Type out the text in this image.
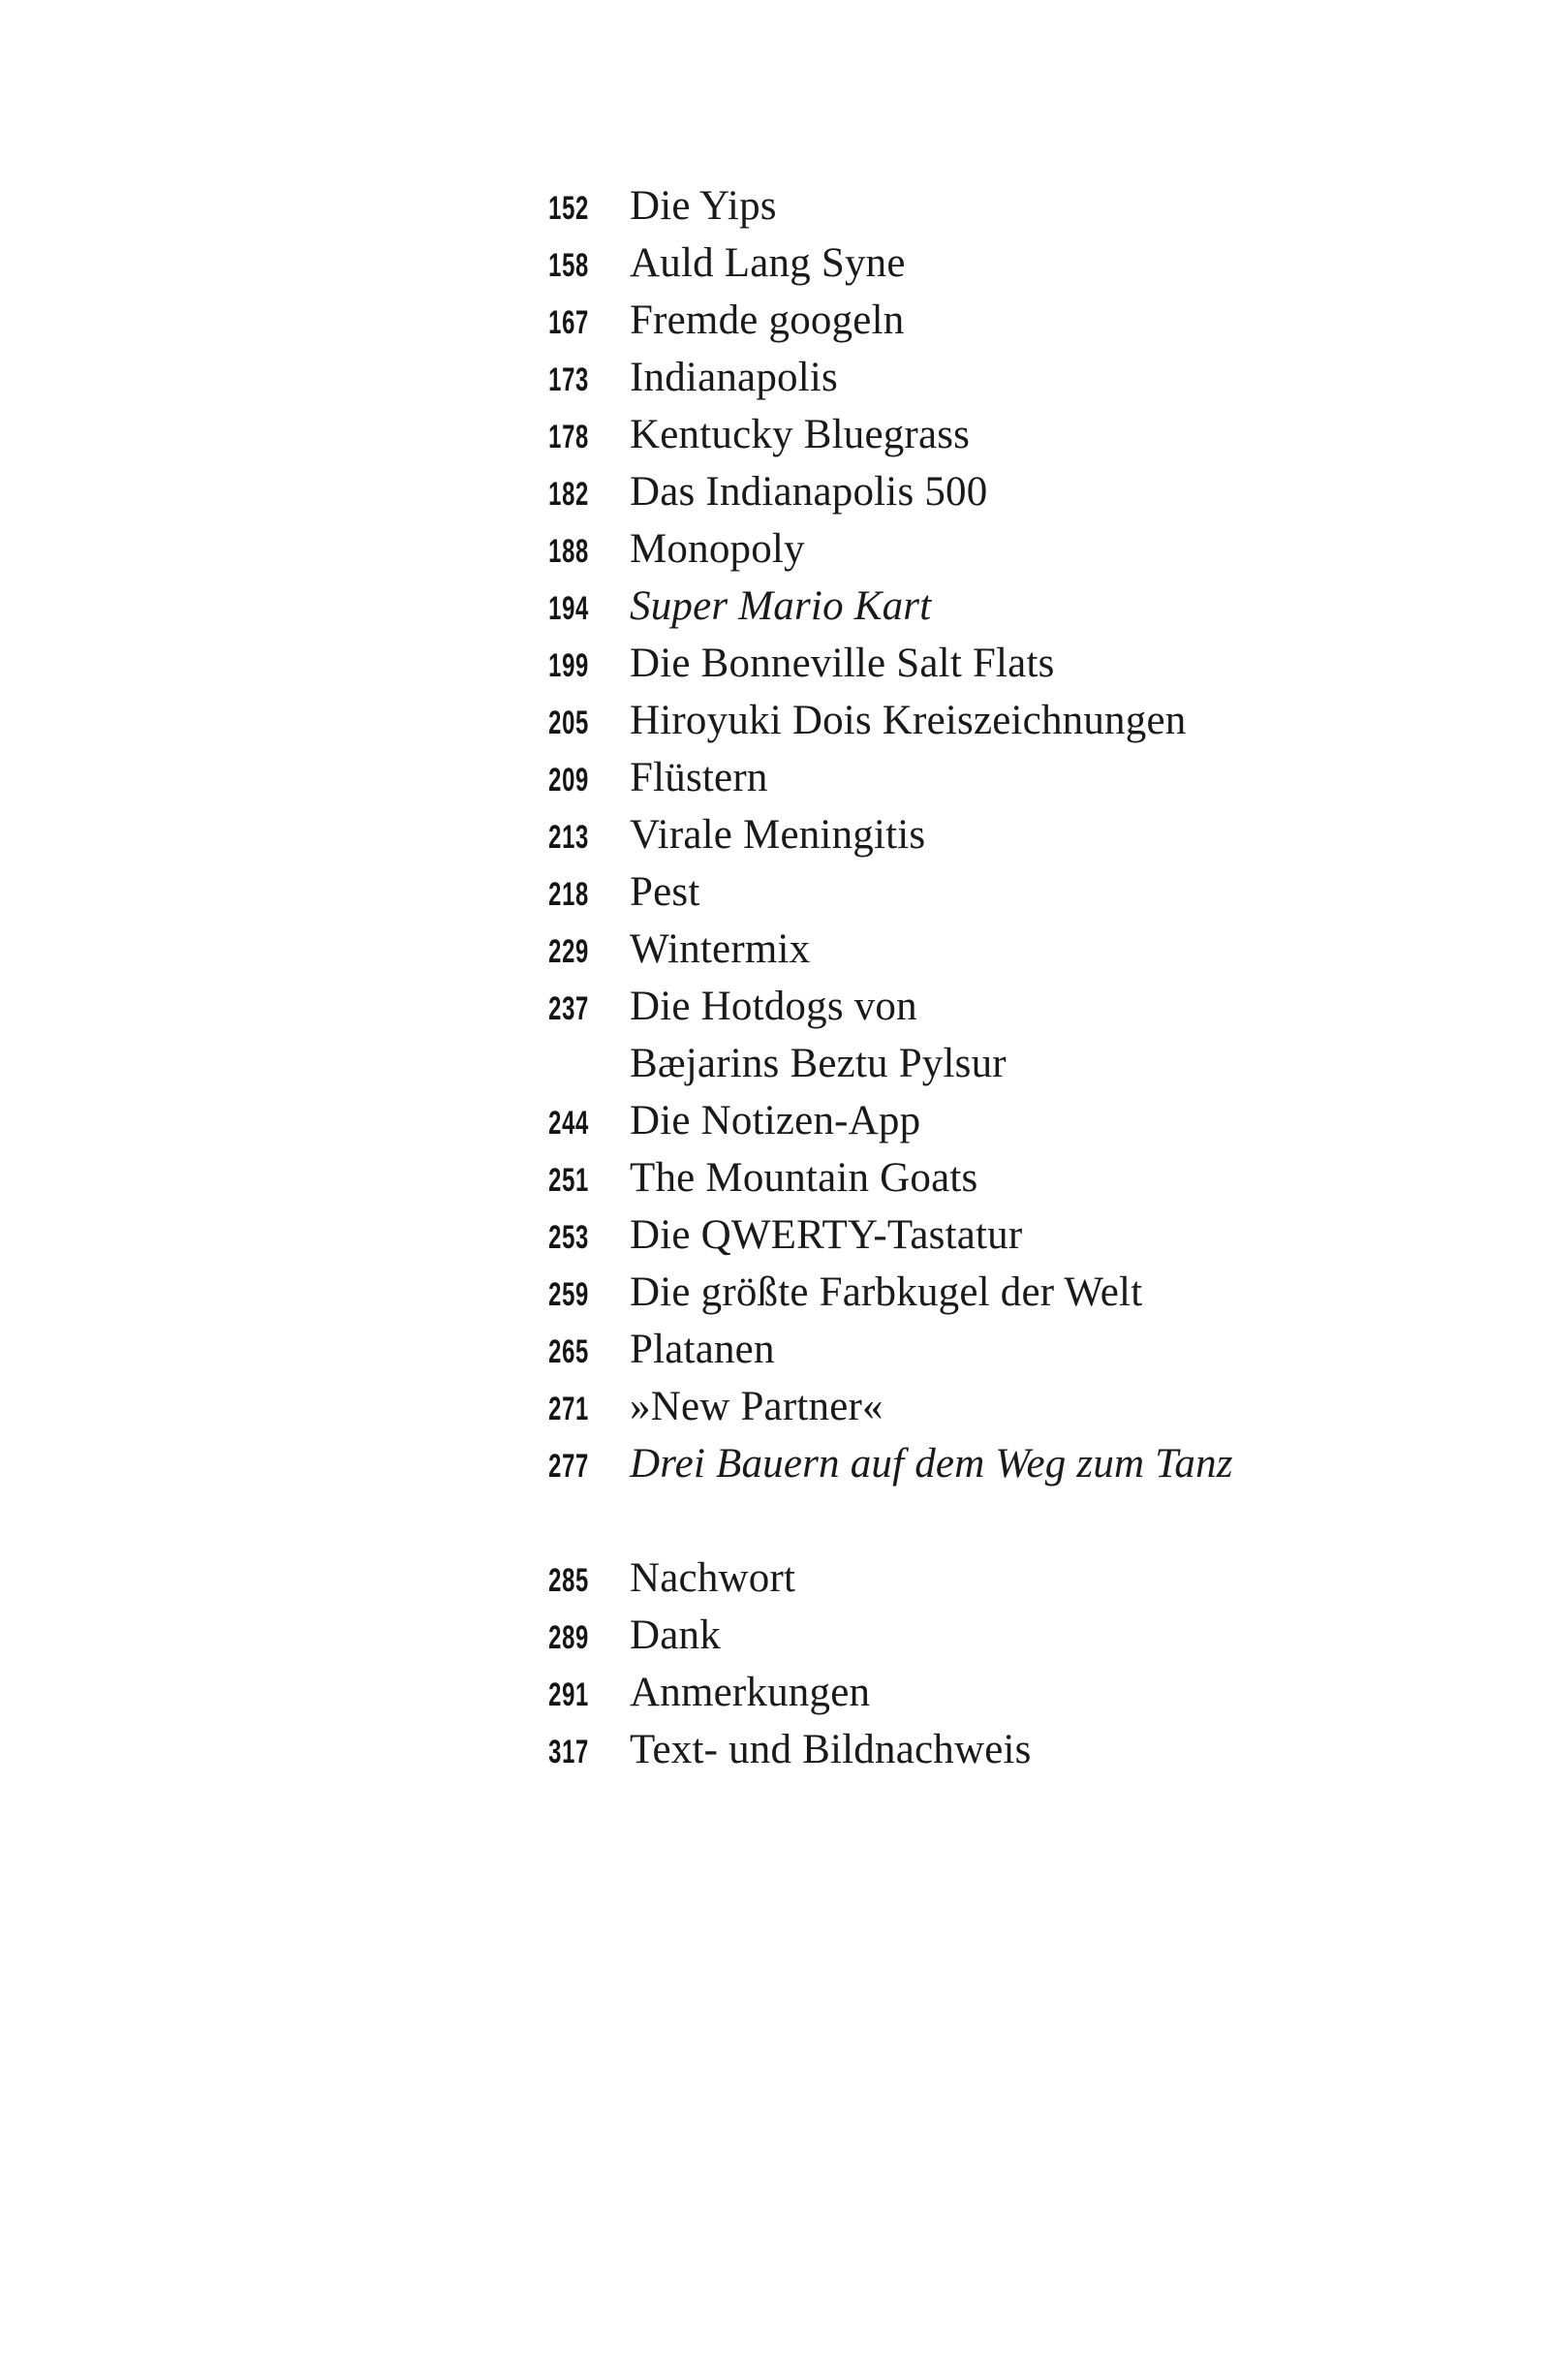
152 Die Yips
158 Auld Lang Syne
167 Fremde googeln
173 Indianapolis
178 Kentucky Bluegrass
182 Das Indianapolis 500
188 Monopoly
194 Super Mario Kart
199 Die Bonneville Salt Flats
205 Hiroyuki Dois Kreiszeichnungen
209 Flüstern
213 Virale Meningitis
218 Pest
229 Wintermix
237 Die Hotdogs von
Bæjarins Beztu Pylsur
244 Die Notizen-App
251 The Mountain Goats
253 Die QWERTY-Tastatur
259 Die größte Farbkugel der Welt
265 Platanen
271 »New Partner«
277 Drei Bauern auf dem Weg zum Tanz
285 Nachwort
289 Dank
291 Anmerkungen
317 Text- und Bildnachweis
